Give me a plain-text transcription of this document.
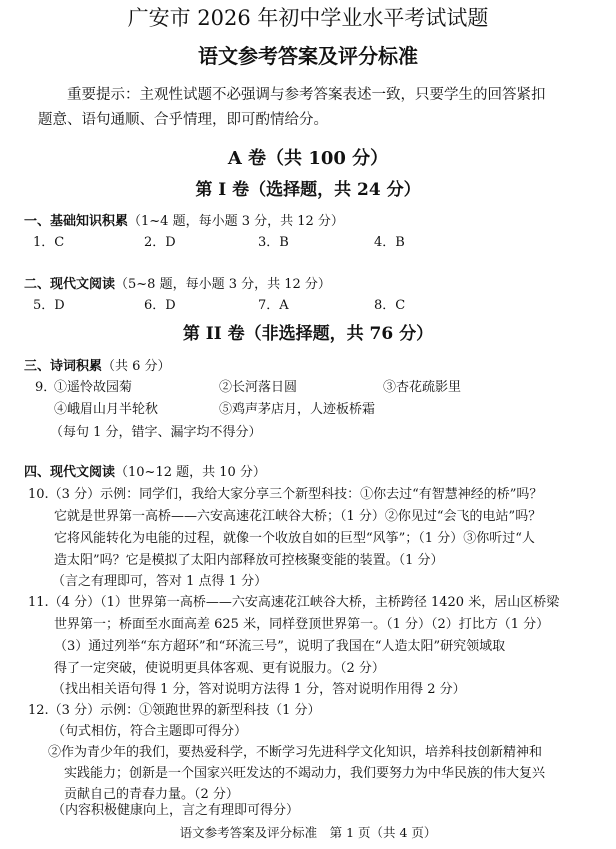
广安市 2026 年初中学业水平考试试题
语文参考答案及评分标准
重要提示：主观性试题不必强调与参考答案表述一致，只要学生的回答紧扣
题意、语句通顺、合乎情理，即可酌情给分。
A 卷（共 100 分）
第 I 卷（选择题，共 24 分）
一、基础知识积累（1~4 题，每小题 3 分，共 12 分）
1．C	2．D	3．B	4．B
二、现代文阅读（5~8 题，每小题 3 分，共 12 分）
5．D	6．D	7．A	8．C
第 II 卷（非选择题，共 76 分）
三、诗词积累（共 6 分）
9．
①遥怜故园菊	②长河落日圆	③杏花疏影里
④峨眉山月半轮秋	⑤鸡声茅店月，人迹板桥霜
（每句 1 分，错字、漏字均不得分）
四、现代文阅读（10~12 题，共 10 分）
10.（3 分）示例：同学们，我给大家分享三个新型科技：①你去过“有智慧神经的桥”吗？
它就是世界第一高桥——六安高速花江峡谷大桥；（1 分）②你见过“会飞的电站”吗？
它将风能转化为电能的过程，就像一个收放自如的巨型“风筝”；（1 分）③你听过“人
造太阳”吗？它是模拟了太阳内部释放可控核聚变能的装置。（1 分）
（言之有理即可，答对 1 点得 1 分）
11.（4 分）（1）世界第一高桥——六安高速花江峡谷大桥，主桥跨径 1420 米，居山区桥梁
世界第一；桥面至水面高差 625 米，同样登顶世界第一。（1 分）（2）打比方（1 分）
（3）通过列举“东方超环”和“环流三号”，说明了我国在“人造太阳”研究领域取
得了一定突破，使说明更具体客观、更有说服力。（2 分）
（找出相关语句得 1 分，答对说明方法得 1 分，答对说明作用得 2 分）
12.（3 分）示例：①领跑世界的新型科技（1 分）
（句式相仿，符合主题即可得分）
②作为青少年的我们，要热爱科学，不断学习先进科学文化知识，培养科技创新精神和
实践能力；创新是一个国家兴旺发达的不竭动力，我们要努力为中华民族的伟大复兴
贡献自己的青春力量。（2 分）
（内容积极健康向上，言之有理即可得分）
语文参考答案及评分标准　第 1 页（共 4 页）
